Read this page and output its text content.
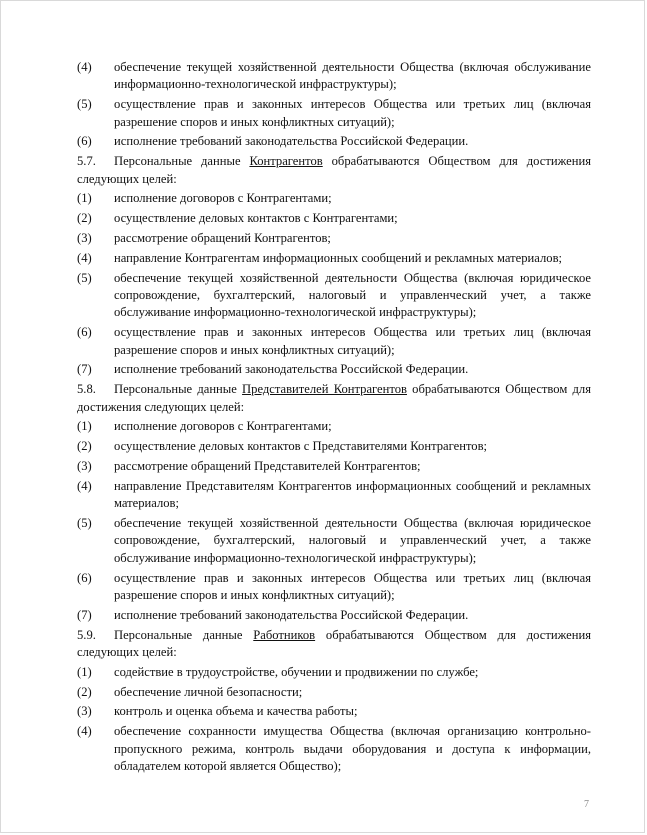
(4) обеспечение текущей хозяйственной деятельности Общества (включая обслуживание информационно-технологической инфраструктуры);
(5) осуществление прав и законных интересов Общества или третьих лиц (включая разрешение споров и иных конфликтных ситуаций);
(6) исполнение требований законодательства Российской Федерации.
5.7. Персональные данные Контрагентов обрабатываются Обществом для достижения следующих целей:
(1) исполнение договоров с Контрагентами;
(2) осуществление деловых контактов с Контрагентами;
(3) рассмотрение обращений Контрагентов;
(4) направление Контрагентам информационных сообщений и рекламных материалов;
(5) обеспечение текущей хозяйственной деятельности Общества (включая юридическое сопровождение, бухгалтерский, налоговый и управленческий учет, а также обслуживание информационно-технологической инфраструктуры);
(6) осуществление прав и законных интересов Общества или третьих лиц (включая разрешение споров и иных конфликтных ситуаций);
(7) исполнение требований законодательства Российской Федерации.
5.8. Персональные данные Представителей Контрагентов обрабатываются Обществом для достижения следующих целей:
(1) исполнение договоров с Контрагентами;
(2) осуществление деловых контактов с Представителями Контрагентов;
(3) рассмотрение обращений Представителей Контрагентов;
(4) направление Представителям Контрагентов информационных сообщений и рекламных материалов;
(5) обеспечение текущей хозяйственной деятельности Общества (включая юридическое сопровождение, бухгалтерский, налоговый и управленческий учет, а также обслуживание информационно-технологической инфраструктуры);
(6) осуществление прав и законных интересов Общества или третьих лиц (включая разрешение споров и иных конфликтных ситуаций);
(7) исполнение требований законодательства Российской Федерации.
5.9. Персональные данные Работников обрабатываются Обществом для достижения следующих целей:
(1) содействие в трудоустройстве, обучении и продвижении по службе;
(2) обеспечение личной безопасности;
(3) контроль и оценка объема и качества работы;
(4) обеспечение сохранности имущества Общества (включая организацию контрольно-пропускного режима, контроль выдачи оборудования и доступа к информации, обладателем которой является Общество);
7
